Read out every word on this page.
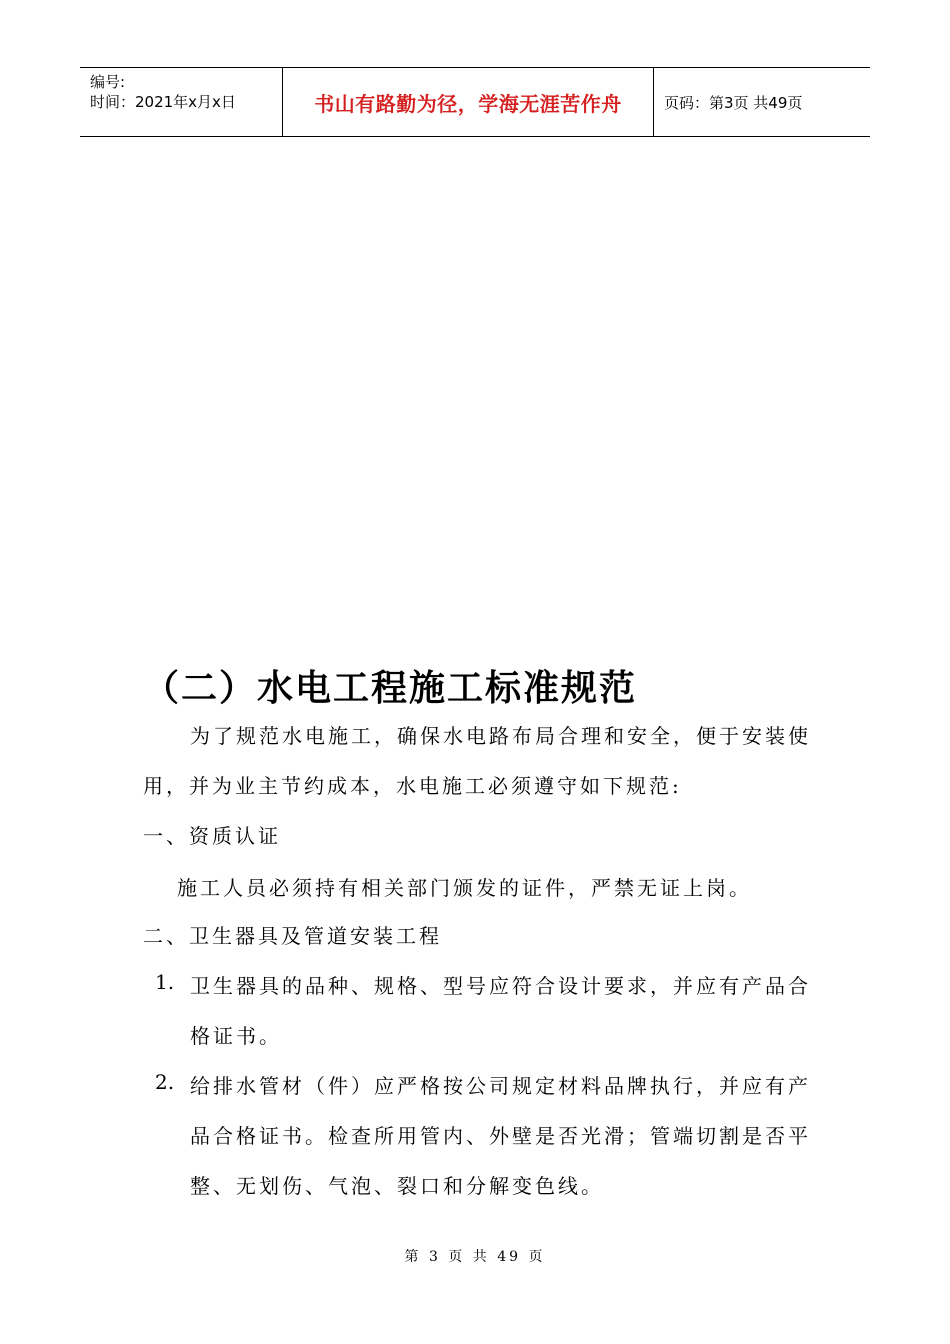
编号:
时间：2021年x月x日	书山有路勤为径，学海无涯苦作舟	页码：第3页 共49页
（二）水电工程施工标准规范
为了规范水电施工，确保水电路布局合理和安全，便于安装使
用，并为业主节约成本，水电施工必须遵守如下规范:
一、资质认证
施工人员必须持有相关部门颁发的证件，严禁无证上岗。
二、卫生器具及管道安装工程
1. 卫生器具的品种、规格、型号应符合设计要求，并应有产品合
格证书。
2. 给排水管材（件）应严格按公司规定材料品牌执行，并应有产
品合格证书。检查所用管内、外壁是否光滑；管端切割是否平
整、无划伤、气泡、裂口和分解变色线。
第 3 页 共 49 页
